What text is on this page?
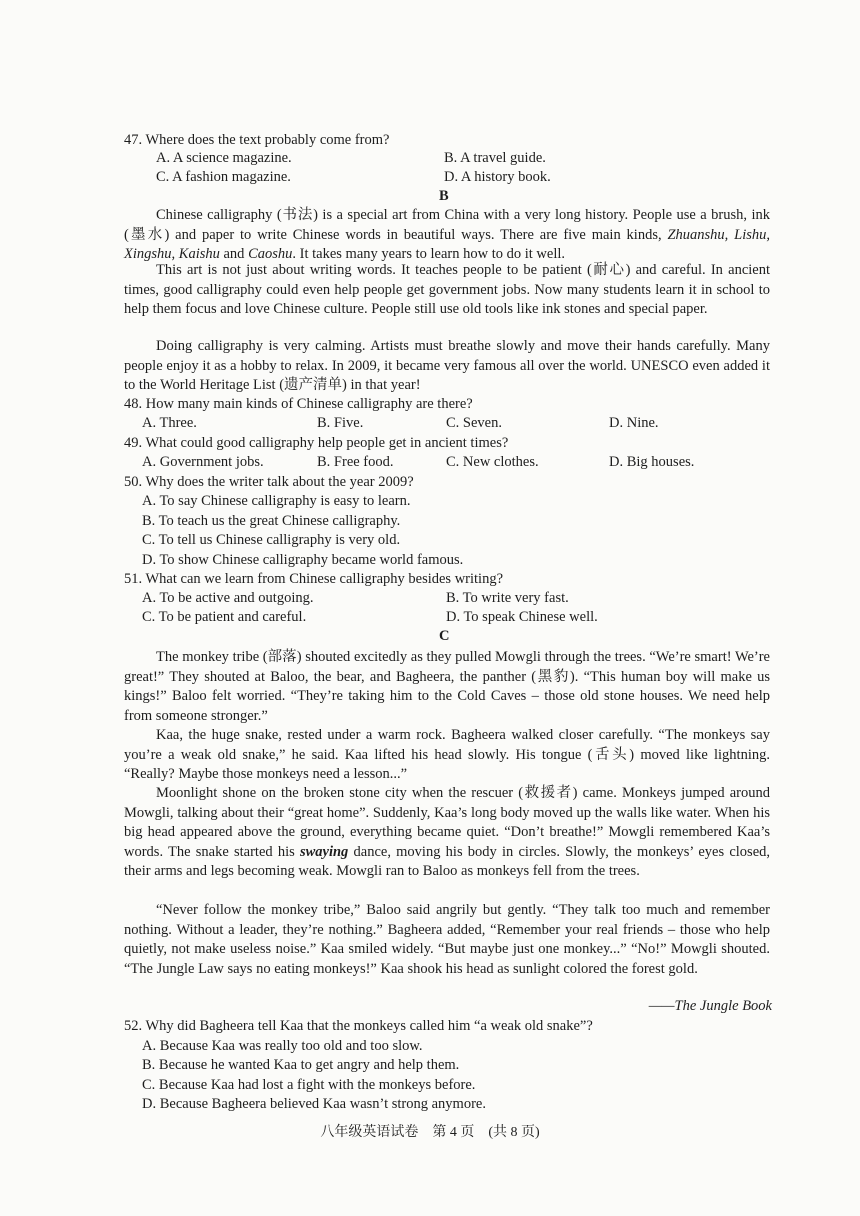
47. Where does the text probably come from?
A. A science magazine.	B. A travel guide.
C. A fashion magazine.	D. A history book.
B

Chinese calligraphy (书法) is a special art from China with a very long history. People use a brush, ink (墨水) and paper to write Chinese words in beautiful ways. There are five main kinds, Zhuanshu, Lishu, Xingshu, Kaishu and Caoshu. It takes many years to learn how to do it well.

This art is not just about writing words. It teaches people to be patient (耐心) and careful. In ancient times, good calligraphy could even help people get government jobs. Now many students learn it in school to help them focus and love Chinese culture. People still use old tools like ink stones and special paper.

Doing calligraphy is very calming. Artists must breathe slowly and move their hands carefully. Many people enjoy it as a hobby to relax. In 2009, it became very famous all over the world. UNESCO even added it to the World Heritage List (遗产清单) in that year!

48. How many main kinds of Chinese calligraphy are there?
A. Three.	B. Five.	C. Seven.	D. Nine.
49. What could good calligraphy help people get in ancient times?
A. Government jobs.	B. Free food.	C. New clothes.	D. Big houses.
50. Why does the writer talk about the year 2009?
A. To say Chinese calligraphy is easy to learn.
B. To teach us the great Chinese calligraphy.
C. To tell us Chinese calligraphy is very old.
D. To show Chinese calligraphy became world famous.
51. What can we learn from Chinese calligraphy besides writing?
A. To be active and outgoing.	B. To write very fast.
C. To be patient and careful.	D. To speak Chinese well.
C

The monkey tribe (部落) shouted excitedly as they pulled Mowgli through the trees. “We’re smart! We’re great!” They shouted at Baloo, the bear, and Bagheera, the panther (黑豹). “This human boy will make us kings!” Baloo felt worried. “They’re taking him to the Cold Caves – those old stone houses. We need help from someone stronger.”

Kaa, the huge snake, rested under a warm rock. Bagheera walked closer carefully. “The monkeys say you’re a weak old snake,” he said. Kaa lifted his head slowly. His tongue (舌头) moved like lightning. “Really? Maybe those monkeys need a lesson...”

Moonlight shone on the broken stone city when the rescuer (救援者) came. Monkeys jumped around Mowgli, talking about their “great home”. Suddenly, Kaa’s long body moved up the walls like water. When his big head appeared above the ground, everything became quiet. “Don’t breathe!” Mowgli remembered Kaa’s words. The snake started his swaying dance, moving his body in circles. Slowly, the monkeys’ eyes closed, their arms and legs becoming weak. Mowgli ran to Baloo as monkeys fell from the trees.

“Never follow the monkey tribe,” Baloo said angrily but gently. “They talk too much and remember nothing. Without a leader, they’re nothing.” Bagheera added, “Remember your real friends – those who help quietly, not make useless noise.” Kaa smiled widely. “But maybe just one monkey...” “No!” Mowgli shouted. “The Jungle Law says no eating monkeys!” Kaa shook his head as sunlight colored the forest gold.

——The Jungle Book
52. Why did Bagheera tell Kaa that the monkeys called him “a weak old snake”?
A. Because Kaa was really too old and too slow.
B. Because he wanted Kaa to get angry and help them.
C. Because Kaa had lost a fight with the monkeys before.
D. Because Bagheera believed Kaa wasn’t strong anymore.
八年级英语试卷　第 4 页　(共 8 页)
